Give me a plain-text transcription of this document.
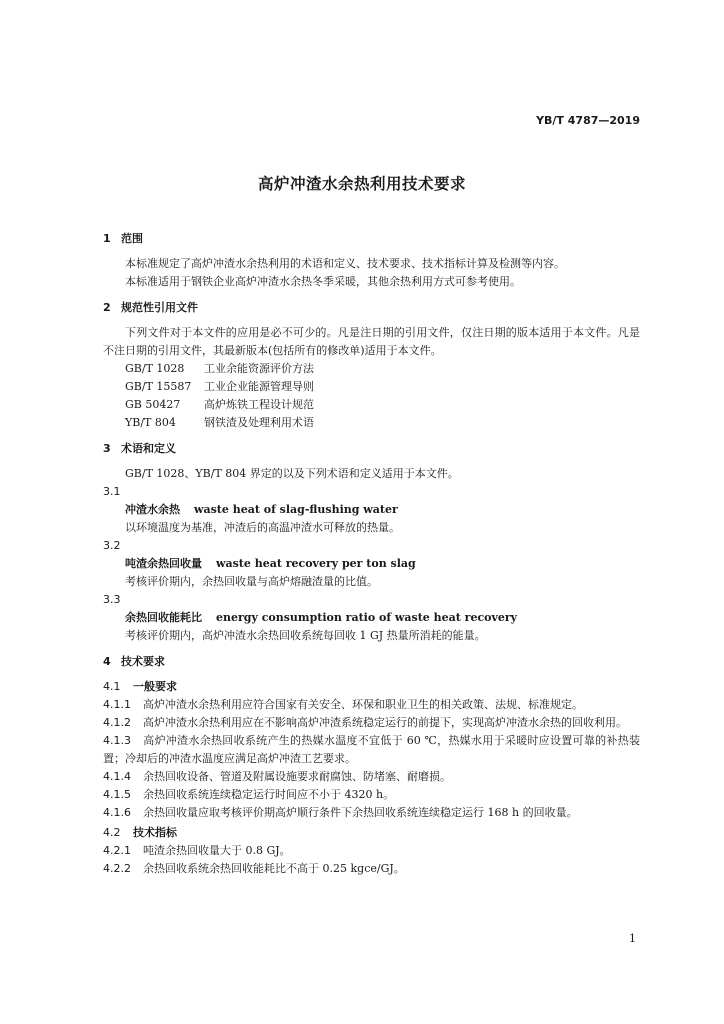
YB/T 4787—2019
高炉冲渣水余热利用技术要求
1 范围

本标准规定了高炉冲渣水余热利用的术语和定义、技术要求、技术指标计算及检测等内容。

本标准适用于钢铁企业高炉冲渣水余热冬季采暖，其他余热利用方式可参考使用。

2 规范性引用文件

下列文件对于本文件的应用是必不可少的。凡是注日期的引用文件，仅注日期的版本适用于本文件。凡是不注日期的引用文件，其最新版本(包括所有的修改单)适用于本文件。

GB/T 1028　 工业余能资源评价方法

GB/T 15587　 工业企业能源管理导则

GB 50427　 高炉炼铁工程设计规范

YB/T 804　	钢铁渣及处理利用术语

3 术语和定义

GB/T 1028、YB/T 804 界定的以及下列术语和定义适用于本文件。

3.1

冲渣水余热 waste heat of slag-flushing water

以环境温度为基准，冲渣后的高温冲渣水可释放的热量。

3.2

吨渣余热回收量 waste heat recovery per ton slag

考核评价期内，余热回收量与高炉熔融渣量的比值。

3.3

余热回收能耗比 energy consumption ratio of waste heat recovery

考核评价期内，高炉冲渣水余热回收系统每回收 1 GJ 热量所消耗的能量。

4 技术要求

4.1 一般要求

4.1.1 高炉冲渣水余热利用应符合国家有关安全、环保和职业卫生的相关政策、法规、标准规定。

4.1.2 高炉冲渣水余热利用应在不影响高炉冲渣系统稳定运行的前提下，实现高炉冲渣水余热的回收利用。

4.1.3 高炉冲渣水余热回收系统产生的热媒水温度不宜低于 60 ℃，热媒水用于采暖时应设置可靠的补热装置；冷却后的冲渣水温度应满足高炉冲渣工艺要求。

4.1.4 余热回收设备、管道及附属设施要求耐腐蚀、防堵塞、耐磨损。

4.1.5 余热回收系统连续稳定运行时间应不小于 4320 h。

4.1.6 余热回收量应取考核评价期高炉顺行条件下余热回收系统连续稳定运行 168 h 的回收量。

4.2 技术指标

4.2.1 吨渣余热回收量大于 0.8 GJ。

4.2.2 余热回收系统余热回收能耗比不高于 0.25 kgce/GJ。

1
